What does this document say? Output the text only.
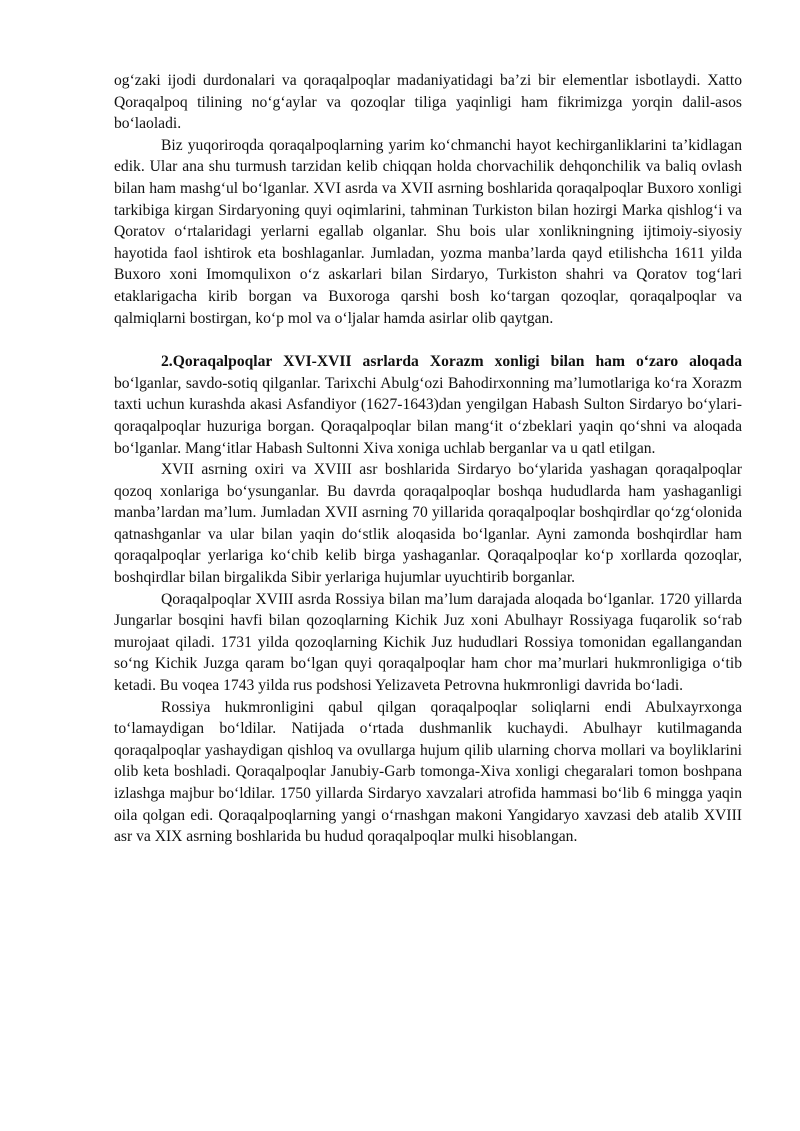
og‘zaki ijodi durdonalari va qoraqalpoqlar madaniyatidagi ba’zi bir elementlar isbotlaydi. Xatto Qoraqalpoq tilining no‘g‘aylar va qozoqlar tiliga yaqinligi ham fikrimizga yorqin dalil-asos bo‘laoladi.

Biz yuqoriroqda qoraqalpoqlarning yarim ko‘chmanchi hayot kechirganliklarini ta’kidlagan edik. Ular ana shu turmush tarzidan kelib chiqqan holda chorvachilik dehqonchilik va baliq ovlash bilan ham mashg‘ul bo‘lganlar. XVI asrda va XVII asrning boshlarida qoraqalpoqlar Buxoro xonligi tarkibiga kirgan Sirdaryoning quyi oqimlarini, tahminan Turkiston bilan hozirgi Marka qishlog‘i va Qoratov o‘rtalaridagi yerlarni egallab olganlar. Shu bois ular xonlikningning ijtimoiy-siyosiy hayotida faol ishtirok eta boshlaganlar. Jumladan, yozma manba’larda qayd etilishcha 1611 yilda Buxoro xoni Imomqulixon o‘z askarlari bilan Sirdaryo, Turkiston shahri va Qoratov tog‘lari etaklarigacha kirib borgan va Buxoroga qarshi bosh ko‘targan qozoqlar, qoraqalpoqlar va qalmiqlarni bostirgan, ko‘p mol va o‘ljalar hamda asirlar olib qaytgan.

2.Qoraqalpoqlar XVI-XVII asrlarda Xorazm xonligi bilan ham o‘zaro aloqada bo‘lganlar, savdo-sotiq qilganlar. Tarixchi Abulg‘ozi Bahodirxonning ma’lumotlariga ko‘ra Xorazm taxti uchun kurashda akasi Asfandiyor (1627-1643)dan yengilgan Habash Sulton Sirdaryo bo‘ylari-qoraqalpoqlar huzuriga borgan. Qoraqalpoqlar bilan mang‘it o‘zbeklari yaqin qo‘shni va aloqada bo‘lganlar. Mang‘itlar Habash Sultonni Xiva xoniga uchlab berganlar va u qatl etilgan.

XVII asrning oxiri va XVIII asr boshlarida Sirdaryo bo‘ylarida yashagan qoraqalpoqlar qozoq xonlariga bo‘ysunganlar. Bu davrda qoraqalpoqlar boshqa hududlarda ham yashaganligi manba’lardan ma’lum. Jumladan XVII asrning 70 yillarida qoraqalpoqlar boshqirdlar qo‘zg‘olonida qatnashganlar va ular bilan yaqin do‘stlik aloqasida bo‘lganlar. Ayni zamonda boshqirdlar ham qoraqalpoqlar yerlariga ko‘chib kelib birga yashaganlar. Qoraqalpoqlar ko‘p xorllarda qozoqlar, boshqirdlar bilan birgalikda Sibir yerlariga hujumlar uyuchtirib borganlar.

Qoraqalpoqlar XVIII asrda Rossiya bilan ma’lum darajada aloqada bo‘lganlar. 1720 yillarda Jungarlar bosqini havfi bilan qozoqlarning Kichik Juz xoni Abulhayr Rossiyaga fuqarolik so‘rab murojaat qiladi. 1731 yilda qozoqlarning Kichik Juz hududlari Rossiya tomonidan egallangandan so‘ng Kichik Juzga qaram bo‘lgan quyi qoraqalpoqlar ham chor ma’murlari hukmronligiga o‘tib ketadi. Bu voqea 1743 yilda rus podshosi Yelizaveta Petrovna hukmronligi davrida bo‘ladi.

Rossiya hukmronligini qabul qilgan qoraqalpoqlar soliqlarni endi Abulxayrxonga to‘lamaydigan bo‘ldilar. Natijada o‘rtada dushmanlik kuchaydi. Abulhayr kutilmaganda qoraqalpoqlar yashaydigan qishloq va ovullarga hujum qilib ularning chorva mollari va boyliklarini olib keta boshladi. Qoraqalpoqlar Janubiy-Garb tomonga-Xiva xonligi chegaralari tomon boshpana izlashga majbur bo‘ldilar. 1750 yillarda Sirdaryo xavzalari atrofida hammasi bo‘lib 6 mingga yaqin oila qolgan edi. Qoraqalpoqlarning yangi o‘rnashgan makoni Yangidaryo xavzasi deb atalib XVIII asr va XIX asrning boshlarida bu hudud qoraqalpoqlar mulki hisoblangan.
